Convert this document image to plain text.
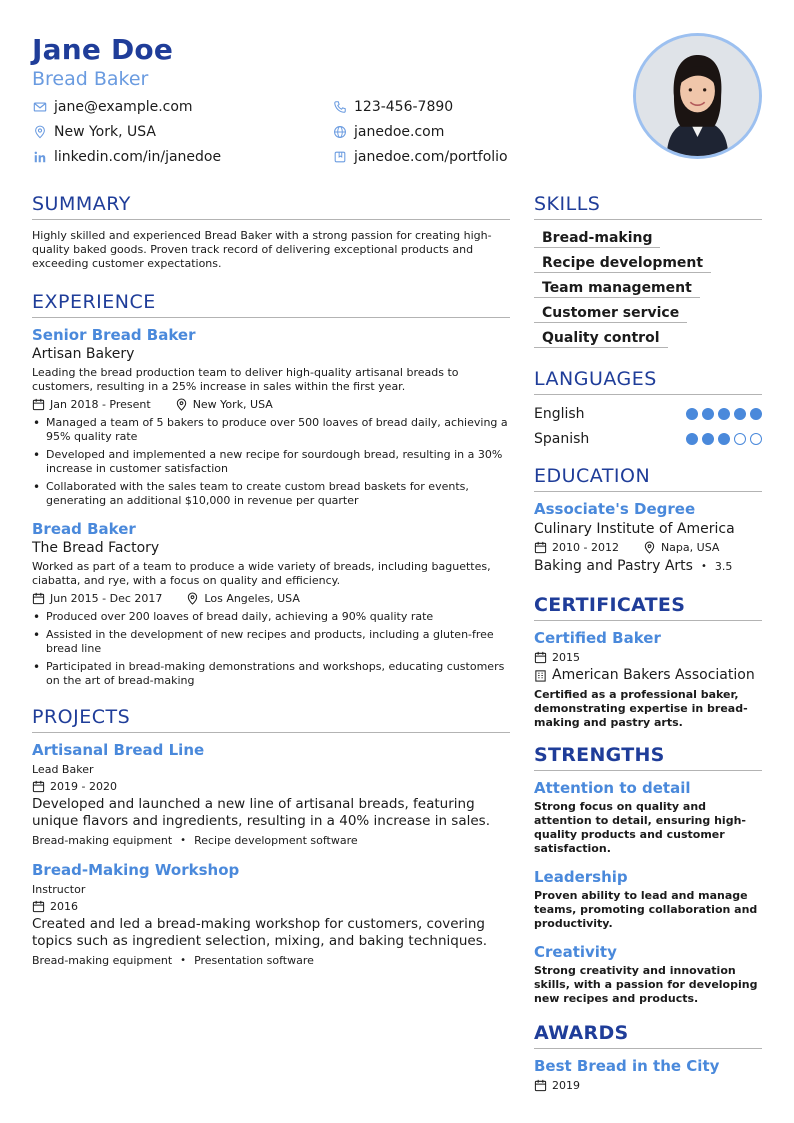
Jane Doe
Bread Baker
jane@example.com	123-456-7890
New York, USA	janedoe.com
linkedin.com/in/janedoe	janedoe.com/portfolio
SUMMARY
Highly skilled and experienced Bread Baker with a strong passion for creating high-quality baked goods. Proven track record of delivering exceptional products and exceeding customer expectations.
EXPERIENCE
Senior Bread Baker
Artisan Bakery
Leading the bread production team to deliver high-quality artisanal breads to customers, resulting in a 25% increase in sales within the first year.
Jan 2018 - Present	New York, USA
• Managed a team of 5 bakers to produce over 500 loaves of bread daily, achieving a 95% quality rate
• Developed and implemented a new recipe for sourdough bread, resulting in a 30% increase in customer satisfaction
• Collaborated with the sales team to create custom bread baskets for events, generating an additional $10,000 in revenue per quarter
Bread Baker
The Bread Factory
Worked as part of a team to produce a wide variety of breads, including baguettes, ciabatta, and rye, with a focus on quality and efficiency.
Jun 2015 - Dec 2017	Los Angeles, USA
• Produced over 200 loaves of bread daily, achieving a 90% quality rate
• Assisted in the development of new recipes and products, including a gluten-free bread line
• Participated in bread-making demonstrations and workshops, educating customers on the art of bread-making
PROJECTS
Artisanal Bread Line
Lead Baker
2019 - 2020
Developed and launched a new line of artisanal breads, featuring unique flavors and ingredients, resulting in a 40% increase in sales.
Bread-making equipment • Recipe development software
Bread-Making Workshop
Instructor
2016
Created and led a bread-making workshop for customers, covering topics such as ingredient selection, mixing, and baking techniques.
Bread-making equipment • Presentation software
SKILLS
Bread-making
Recipe development
Team management
Customer service
Quality control
LANGUAGES
English
Spanish
EDUCATION
Associate's Degree
Culinary Institute of America
2010 - 2012	Napa, USA
Baking and Pastry Arts • 3.5
CERTIFICATES
Certified Baker
2015
American Bakers Association
Certified as a professional baker, demonstrating expertise in bread-making and pastry arts.
STRENGTHS
Attention to detail
Strong focus on quality and attention to detail, ensuring high-quality products and customer satisfaction.
Leadership
Proven ability to lead and manage teams, promoting collaboration and productivity.
Creativity
Strong creativity and innovation skills, with a passion for developing new recipes and products.
AWARDS
Best Bread in the City
2019
